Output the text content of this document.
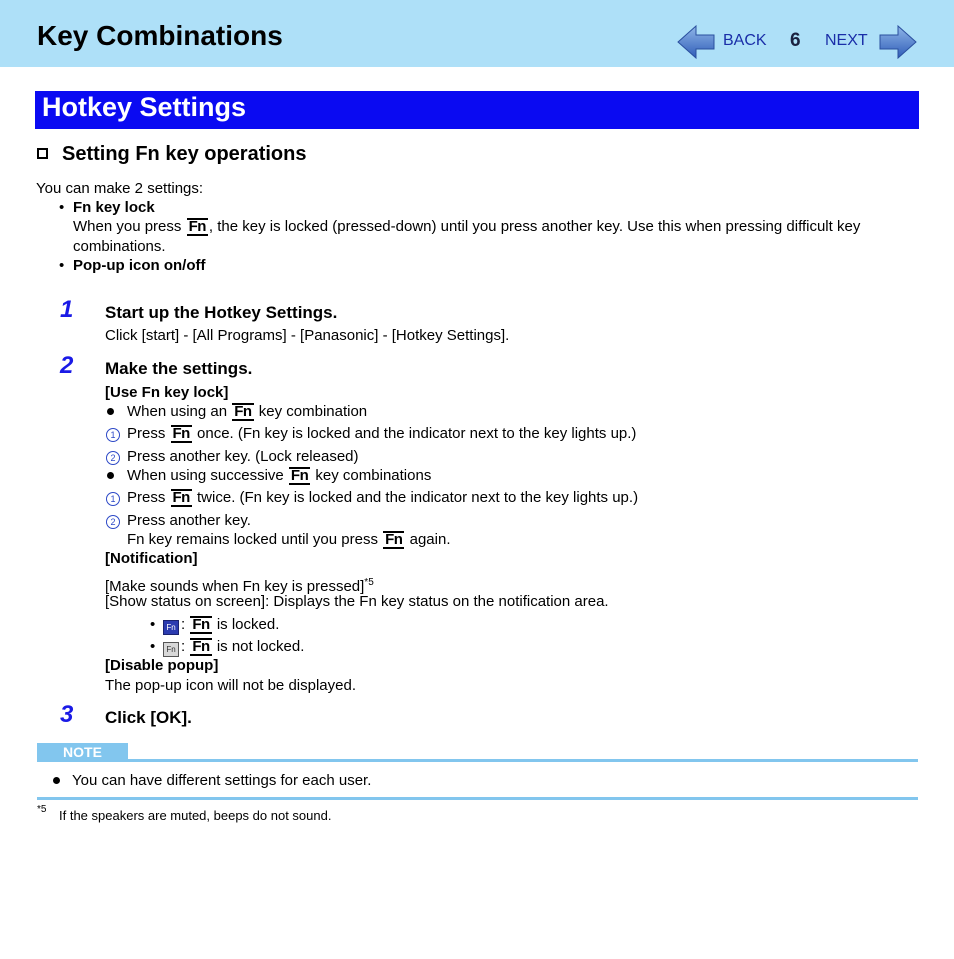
Key Combinations	BACK 6 NEXT
Hotkey Settings
Setting Fn key operations
You can make 2 settings:
• Fn key lock
When you press Fn , the key is locked (pressed-down) until you press another key. Use this when pressing difficult key
combinations.
• Pop-up icon on/off
1 Start up the Hotkey Settings.
Click [start] - [All Programs] - [Panasonic] - [Hotkey Settings].
2 Make the settings.
[Use Fn key lock]
When using an Fn key combination
1 Press Fn once. (Fn key is locked and the indicator next to the key lights up.)
2 Press another key. (Lock released)
When using successive Fn key combinations
1 Press Fn twice. (Fn key is locked and the indicator next to the key lights up.)
2 Press another key.
Fn key remains locked until you press Fn again.
[Notification]
[Make sounds when Fn key is pressed]$^{*5}$
[Show status on screen]: Displays the Fn key status on the notification area.
•	Fn : Fn is locked.
•	Fn : Fn is not locked.
[Disable popup]
The pop-up icon will not be displayed.
3 Click [OK].
NOTE
You can have different settings for each user.
*5 If the speakers are muted, beeps do not sound.
